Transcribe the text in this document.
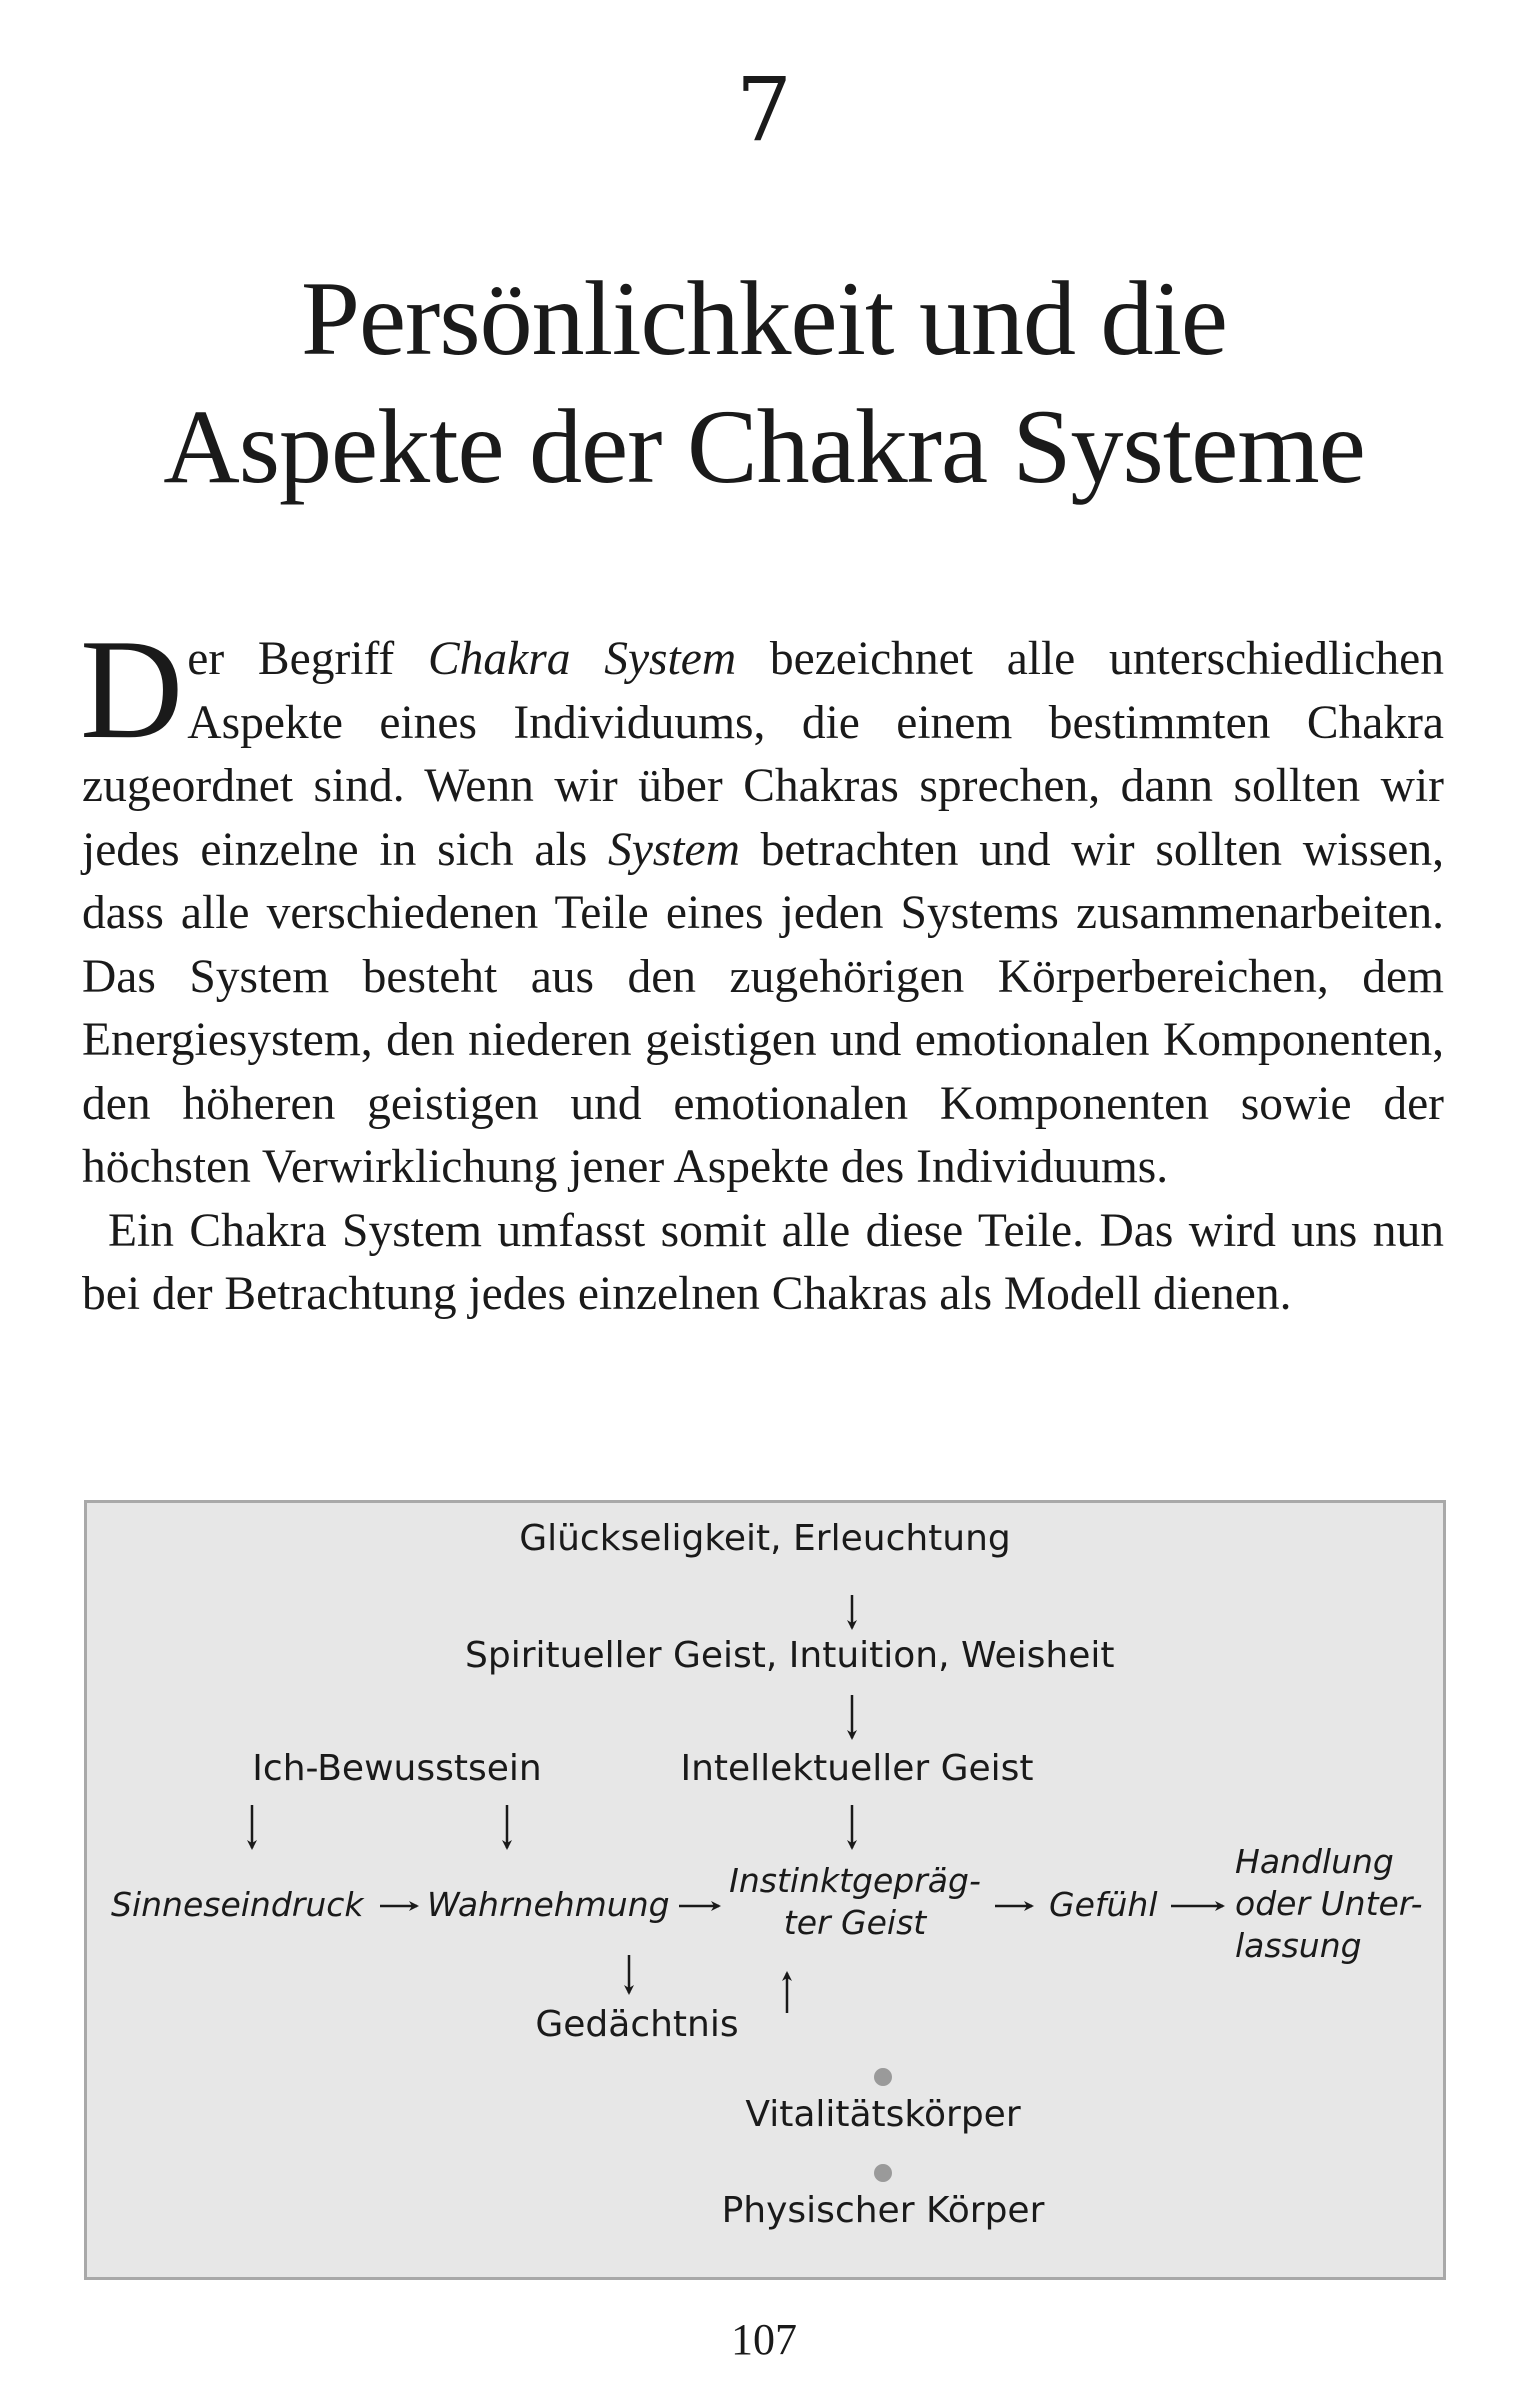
7
Persönlichkeit und die
Aspekte der Chakra Systeme

Der Begriff Chakra System bezeichnet alle unterschiedlichen Aspekte eines Individuums, die einem bestimmten Chakra zugeordnet sind. Wenn wir über Chakras sprechen, dann sollten wir jedes einzelne in sich als System betrachten und wir sollten wissen, dass alle verschiedenen Teile eines jeden Systems zusammenarbeiten. Das System besteht aus den zugehörigen Körperbereichen, dem Energiesystem, den niederen geistigen und emotionalen Komponenten, den höheren geistigen und emotionalen Komponenten sowie der höchsten Verwirklichung jener Aspekte des Individuums.

Ein Chakra System umfasst somit alle diese Teile. Das wird uns nun bei der Betrachtung jedes einzelnen Chakras als Modell dienen.

Glückseligkeit, Erleuchtung
Spiritueller Geist, Intuition, Weisheit
Ich-Bewusstsein	Intellektueller Geist
Sinneseindruck Wahrnehmung
Instinktgepräg-
ter Geist	Gefühl
Handlung
oder Unter-
lassung
Gedächtnis
Vitalitätskörper
Physischer Körper
107
